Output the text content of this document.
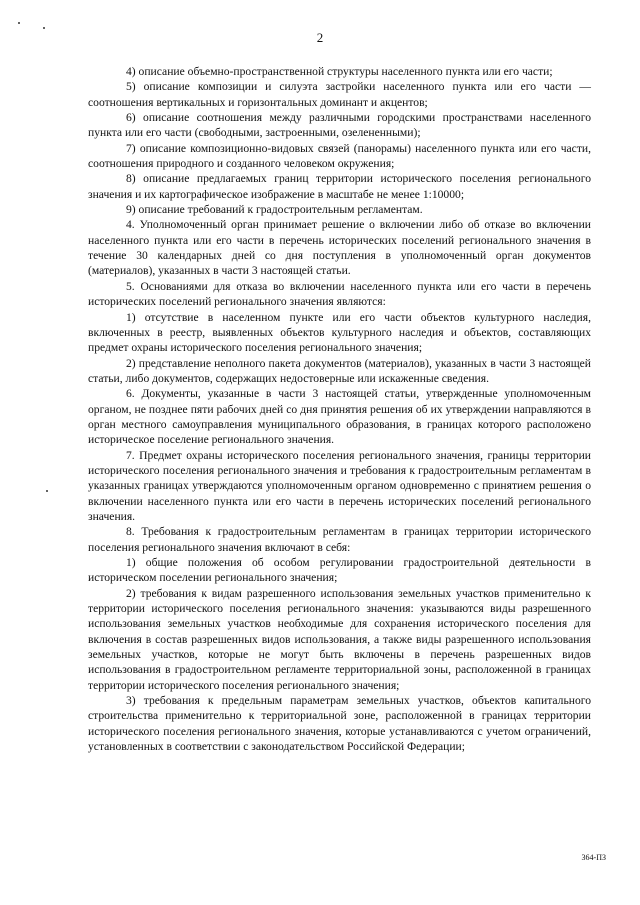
2

4) описание объемно-пространственной структуры населенного пункта или его части;

5) описание композиции и силуэта застройки населенного пункта или его части — соотношения вертикальных и горизонтальных доминант и акцентов;

6) описание соотношения между различными городскими пространствами населенного пункта или его части (свободными, застроенными, озелененными);

7) описание композиционно-видовых связей (панорамы) населенного пункта или его части, соотношения природного и созданного человеком окружения;

8) описание предлагаемых границ территории исторического поселения регионального значения и их картографическое изображение в масштабе не менее 1:10000;

9) описание требований к градостроительным регламентам.

4. Уполномоченный орган принимает решение о включении либо об отказе во включении населенного пункта или его части в перечень исторических поселений регионального значения в течение 30 календарных дней со дня поступления в уполномоченный орган документов (материалов), указанных в части 3 настоящей статьи.

5. Основаниями для отказа во включении населенного пункта или его части в перечень исторических поселений регионального значения являются:

1) отсутствие в населенном пункте или его части объектов культурного наследия, включенных в реестр, выявленных объектов культурного наследия и объектов, составляющих предмет охраны исторического поселения регионального значения;

2) представление неполного пакета документов (материалов), указанных в части 3 настоящей статьи, либо документов, содержащих недостоверные или искаженные сведения.

6. Документы, указанные в части 3 настоящей статьи, утвержденные уполномоченным органом, не позднее пяти рабочих дней со дня принятия решения об их утверждении направляются в орган местного самоуправления муниципального образования, в границах которого расположено историческое поселение регионального значения.

7. Предмет охраны исторического поселения регионального значения, границы территории исторического поселения регионального значения и требования к градостроительным регламентам в указанных границах утверждаются уполномоченным органом одновременно с принятием решения о включении населенного пункта или его части в перечень исторических поселений регионального значения.

8. Требования к градостроительным регламентам в границах территории исторического поселения регионального значения включают в себя:

1) общие положения об особом регулировании градостроительной деятельности в историческом поселении регионального значения;

2) требования к видам разрешенного использования земельных участков применительно к территории исторического поселения регионального значения: указываются виды разрешенного использования земельных участков необходимые для сохранения исторического поселения для включения в состав разрешенных видов использования, а также виды разрешенного использования земельных участков, которые не могут быть включены в перечень разрешенных видов использования в градостроительном регламенте территориальной зоны, расположенной в границах территории исторического поселения регионального значения;

3) требования к предельным параметрам земельных участков, объектов капитального строительства применительно к территориальной зоне, расположенной в границах территории исторического поселения регионального значения, которые устанавливаются с учетом ограничений, установленных в соответствии с законодательством Российской Федерации;

364-ПЗ
